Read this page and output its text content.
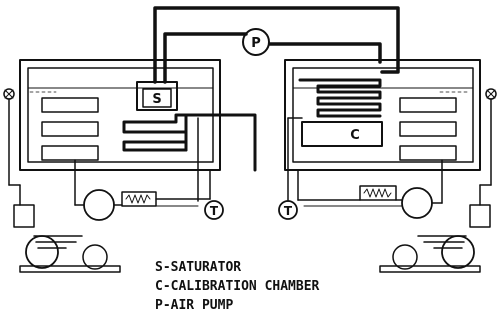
S
T
C
T
P
S-SATURATOR
C-CALIBRATION CHAMBER
P-AIR PUMP
